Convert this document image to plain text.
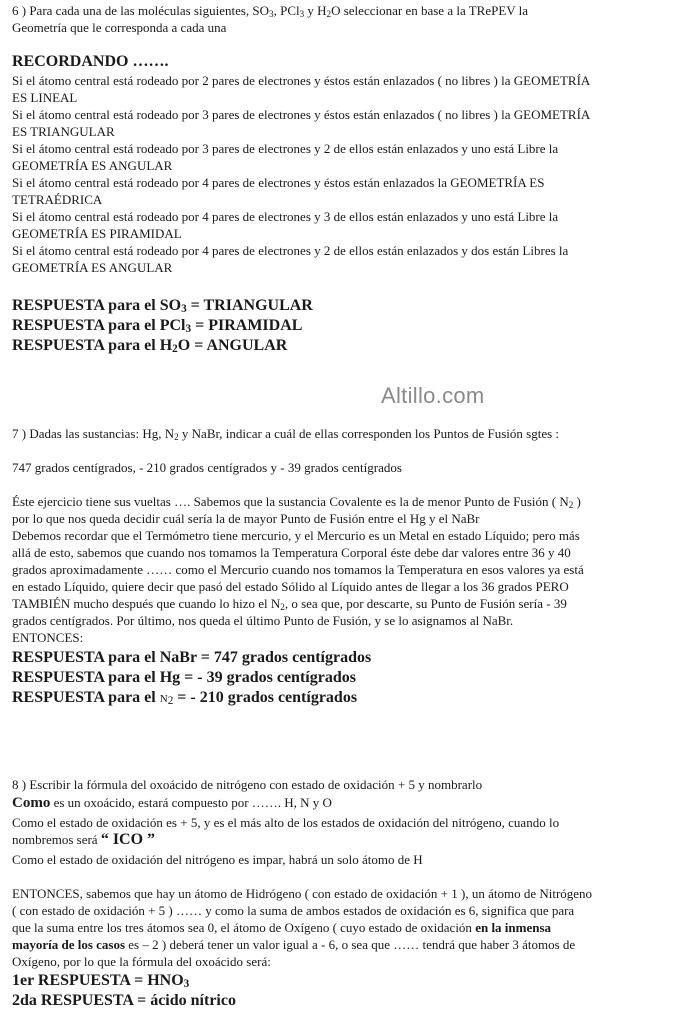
6 ) Para cada una de las moléculas siguientes, $SO_3$, PCl$_3$ y $H_2O$ seleccionar en base a la TRePEV la
Geometría que le corresponda a cada una
RECORDANDO …….
Si el átomo central está rodeado por 2 pares de electrones y éstos están enlazados ( no libres ) la GEOMETRÍA
ES LINEAL
Si el átomo central está rodeado por 3 pares de electrones y éstos están enlazados ( no libres ) la GEOMETRÍA
ES TRIANGULAR
Si el átomo central está rodeado por 3 pares de electrones y 2 de ellos están enlazados y uno está Libre la
GEOMETRÍA ES ANGULAR
Si el átomo central está rodeado por 4 pares de electrones y éstos están enlazados la GEOMETRÍA ES
TETRAÉDRICA
Si el átomo central está rodeado por 4 pares de electrones y 3 de ellos están enlazados y uno está Libre la
GEOMETRÍA ES PIRAMIDAL
Si el átomo central está rodeado por 4 pares de electrones y 2 de ellos están enlazados y dos están Libres la
GEOMETRÍA ES ANGULAR
RESPUESTA para el $SO_3$ = TRIANGULAR
RESPUESTA para el PCl$_3$ = PIRAMIDAL
RESPUESTA para el $H_2O$ = ANGULAR
Altillo.com
7 ) Dadas las sustancias: Hg, $N_2$ y NaBr, indicar a cuál de ellas corresponden los Puntos de Fusión sgtes :
747 grados centígrados, - 210 grados centígrados y - 39 grados centígrados
Éste ejercicio tiene sus vueltas …. Sabemos que la sustancia Covalente es la de menor Punto de Fusión ( $N_2$ )
por lo que nos queda decidir cuál sería la de mayor Punto de Fusión entre el Hg y el NaBr
Debemos recordar que el Termómetro tiene mercurio, y el Mercurio es un Metal en estado Líquido; pero más
allá de esto, sabemos que cuando nos tomamos la Temperatura Corporal éste debe dar valores entre 36 y 40
grados aproximadamente …… como el Mercurio cuando nos tomamos la Temperatura en esos valores ya está
en estado Líquido, quiere decir que pasó del estado Sólido al Líquido antes de llegar a los 36 grados PERO
TAMBIÉN mucho después que cuando lo hizo el $N_2$, o sea que, por descarte, su Punto de Fusión sería - 39
grados centígrados. Por último, nos queda el último Punto de Fusión, y se lo asignamos al NaBr.
ENTONCES:
RESPUESTA para el NaBr = 747 grados centígrados
RESPUESTA para el Hg = - 39 grados centígrados
RESPUESTA para el $N_2$ = - 210 grados centígrados
8 ) Escribir la fórmula del oxoácido de nitrógeno con estado de oxidación + 5 y nombrarlo
Como es un oxoácido, estará compuesto por ……. H, N y O
Como el estado de oxidación es + 5, y es el más alto de los estados de oxidación del nitrógeno, cuando lo
nombremos será “ ICO ”
Como el estado de oxidación del nitrógeno es impar, habrá un solo átomo de H
ENTONCES, sabemos que hay un átomo de Hidrógeno ( con estado de oxidación + 1 ), un átomo de Nitrógeno
( con estado de oxidación + 5 ) …… y como la suma de ambos estados de oxidación es 6, significa que para
que la suma entre los tres átomos sea 0, el átomo de Oxígeno ( cuyo estado de oxidación en la inmensa
mayoría de los casos es – 2 ) deberá tener un valor igual a - 6, o sea que …… tendrá que haber 3 átomos de
Oxígeno, por lo que la fórmula del oxoácido será:
1er RESPUESTA = $HNO_3$
2da RESPUESTA = ácido nítrico
